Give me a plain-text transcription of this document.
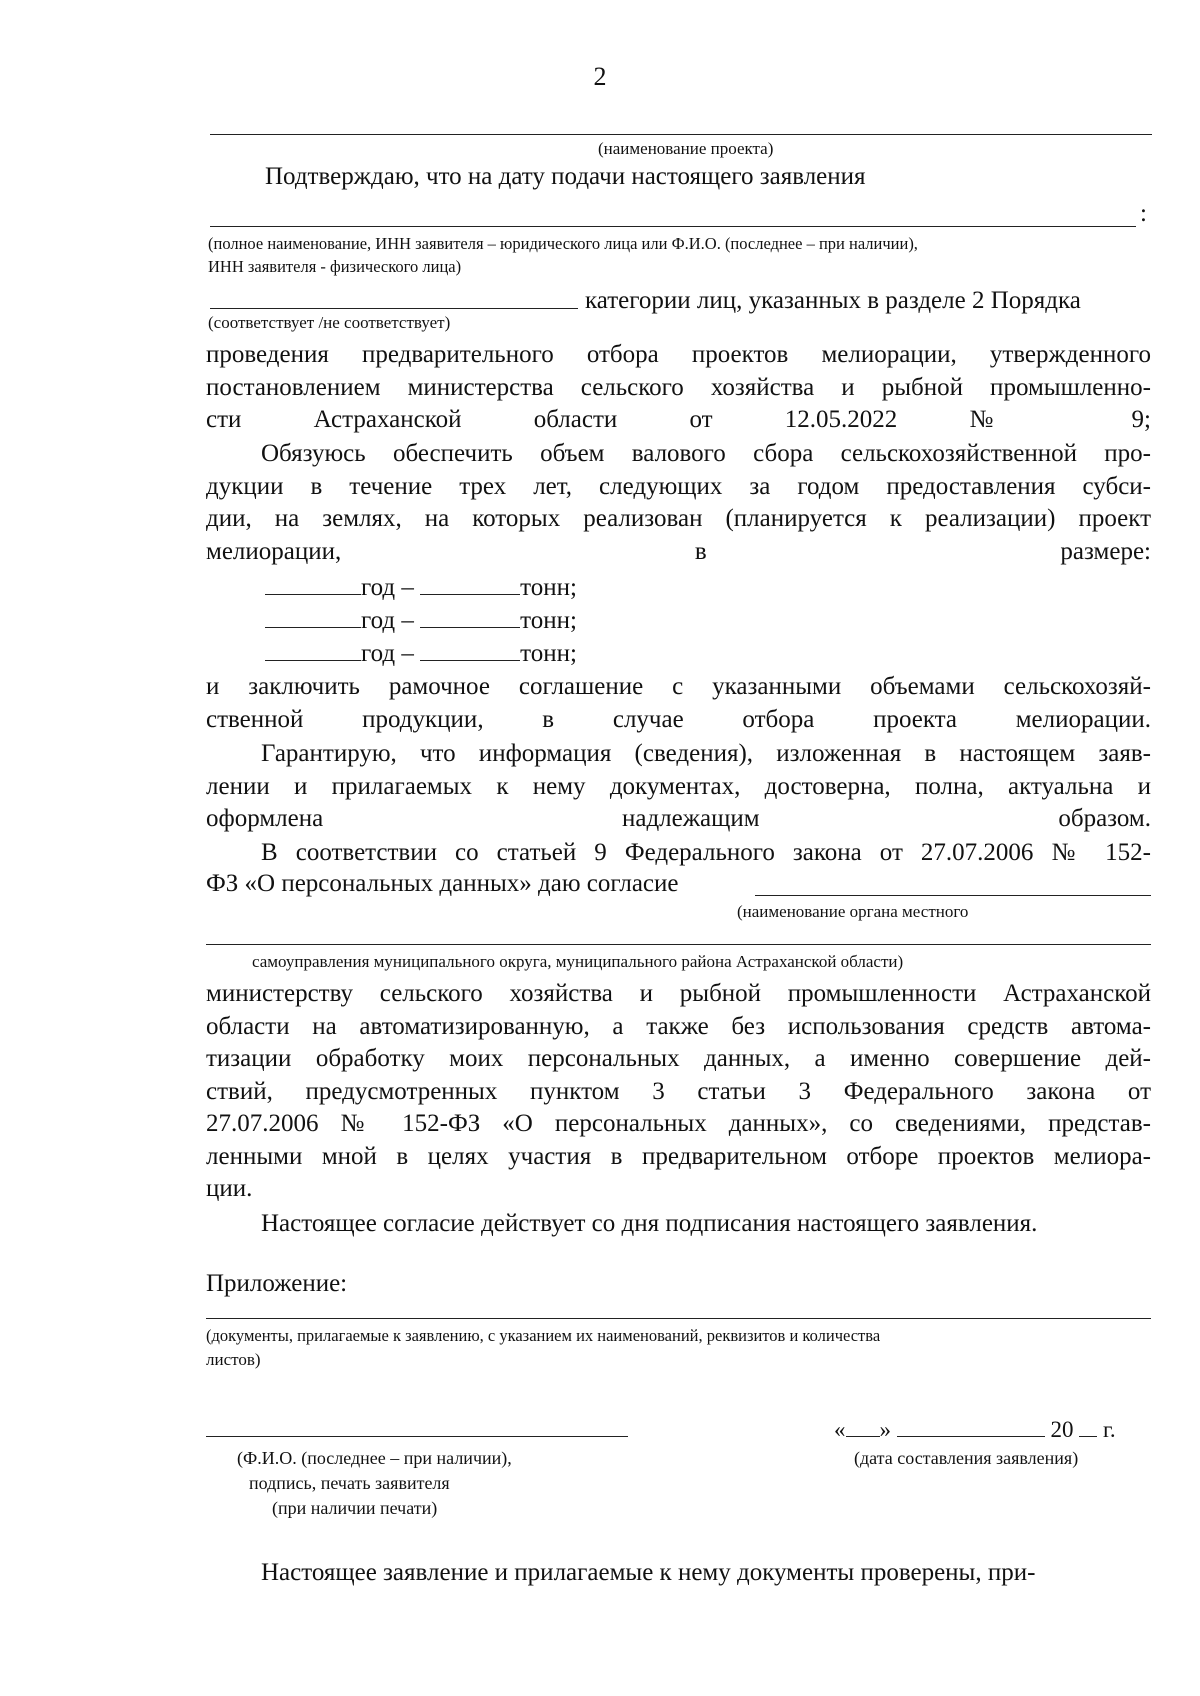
2
(наименование проекта)
Подтверждаю, что на дату подачи настоящего заявления
:
(полное наименование, ИНН заявителя – юридического лица или Ф.И.О. (последнее – при наличии),
ИНН заявителя - физического лица)
категории лиц, указанных в разделе 2 Порядка
(соответствует /не соответствует)
проведения предварительного отбора проектов мелиорации, утвержденного
постановлением министерства сельского хозяйства и рыбной промышленно-
сти Астраханской области от 12.05.2022 № 9;
Обязуюсь обеспечить объем валового сбора сельскохозяйственной про-
дукции в течение трех лет, следующих за годом предоставления субси-
дии, на землях, на которых реализован (планируется к реализации) проект
мелиорации, в размере:
год –	тонн;
год –	тонн;
год –	тонн;
и заключить рамочное соглашение с указанными объемами сельскохозяй-
ственной продукции, в случае отбора проекта мелиорации.
Гарантирую, что информация (сведения), изложенная в настоящем заяв-
лении и прилагаемых к нему документах, достоверна, полна, актуальна и
оформлена надлежащим образом.
В соответствии со статьей 9 Федерального закона от 27.07.2006 № 152-
ФЗ «О персональных данных» даю согласие
(наименование органа местного
самоуправления муниципального округа, муниципального района Астраханской области)
министерству сельского хозяйства и рыбной промышленности Астраханской
области на автоматизированную, а также без использования средств автома-
тизации обработку моих персональных данных, а именно совершение дей-
ствий, предусмотренных пунктом 3 статьи 3 Федерального закона от
27.07.2006 № 152-ФЗ «О персональных данных», со сведениями, представ-
ленными мной в целях участия в предварительном отборе проектов мелиора-
ции.
Настоящее согласие действует со дня подписания настоящего заявления.
Приложение:
(документы, прилагаемые к заявлению, с указанием их наименований, реквизитов и количества
листов)
(Ф.И.О. (последнее – при наличии),
подпись, печать заявителя
(при наличии печати)
« »	20 г.
(дата составления заявления)
Настоящее заявление и прилагаемые к нему документы проверены, при-
